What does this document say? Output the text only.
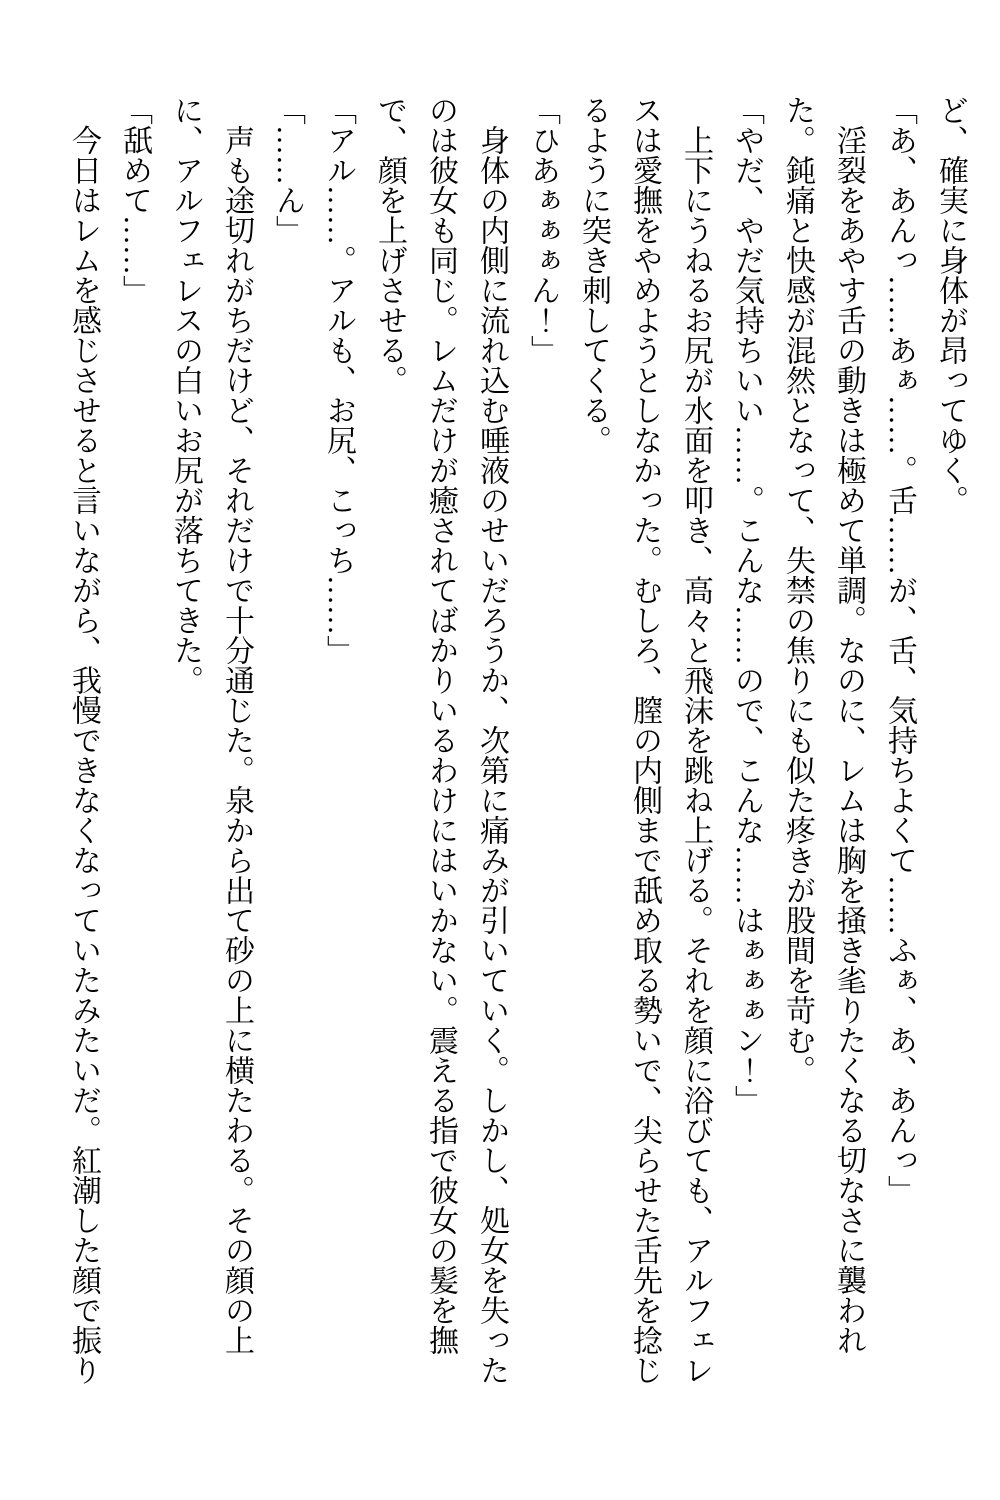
ど、確実に身体が昂ってゆく。

「あ、あんっ……あぁ……。舌……が、舌、気持ちよくて……ふぁ、あ、あんっ」

淫裂をあやす舌の動きは極めて単調。なのに、レムは胸を掻き毟りたくなる切なさに襲われた。鈍痛と快感が混然となって、失禁の焦りにも似た疼きが股間を苛む。

「やだ、やだ気持ちいい……。こんな……ので、こんな……はぁぁぁン！」

上下にうねるお尻が水面を叩き、高々と飛沫を跳ね上げる。それを顔に浴びても、アルフェレスは愛撫をやめようとしなかった。むしろ、膣の内側まで舐め取る勢いで、尖らせた舌先を捻じるように突き刺してくる。

「ひあぁぁぁん！」

身体の内側に流れ込む唾液のせいだろうか、次第に痛みが引いていく。しかし、処女を失ったのは彼女も同じ。レムだけが癒されてばかりいるわけにはいかない。震える指で彼女の髪を撫で、顔を上げさせる。

「アル……。アルも、お尻、こっち……」

「……ん」

声も途切れがちだけど、それだけで十分通じた。泉から出て砂の上に横たわる。その顔の上に、アルフェレスの白いお尻が落ちてきた。

「舐めて……」

今日はレムを感じさせると言いながら、我慢できなくなっていたみたいだ。紅潮した顔で振り
